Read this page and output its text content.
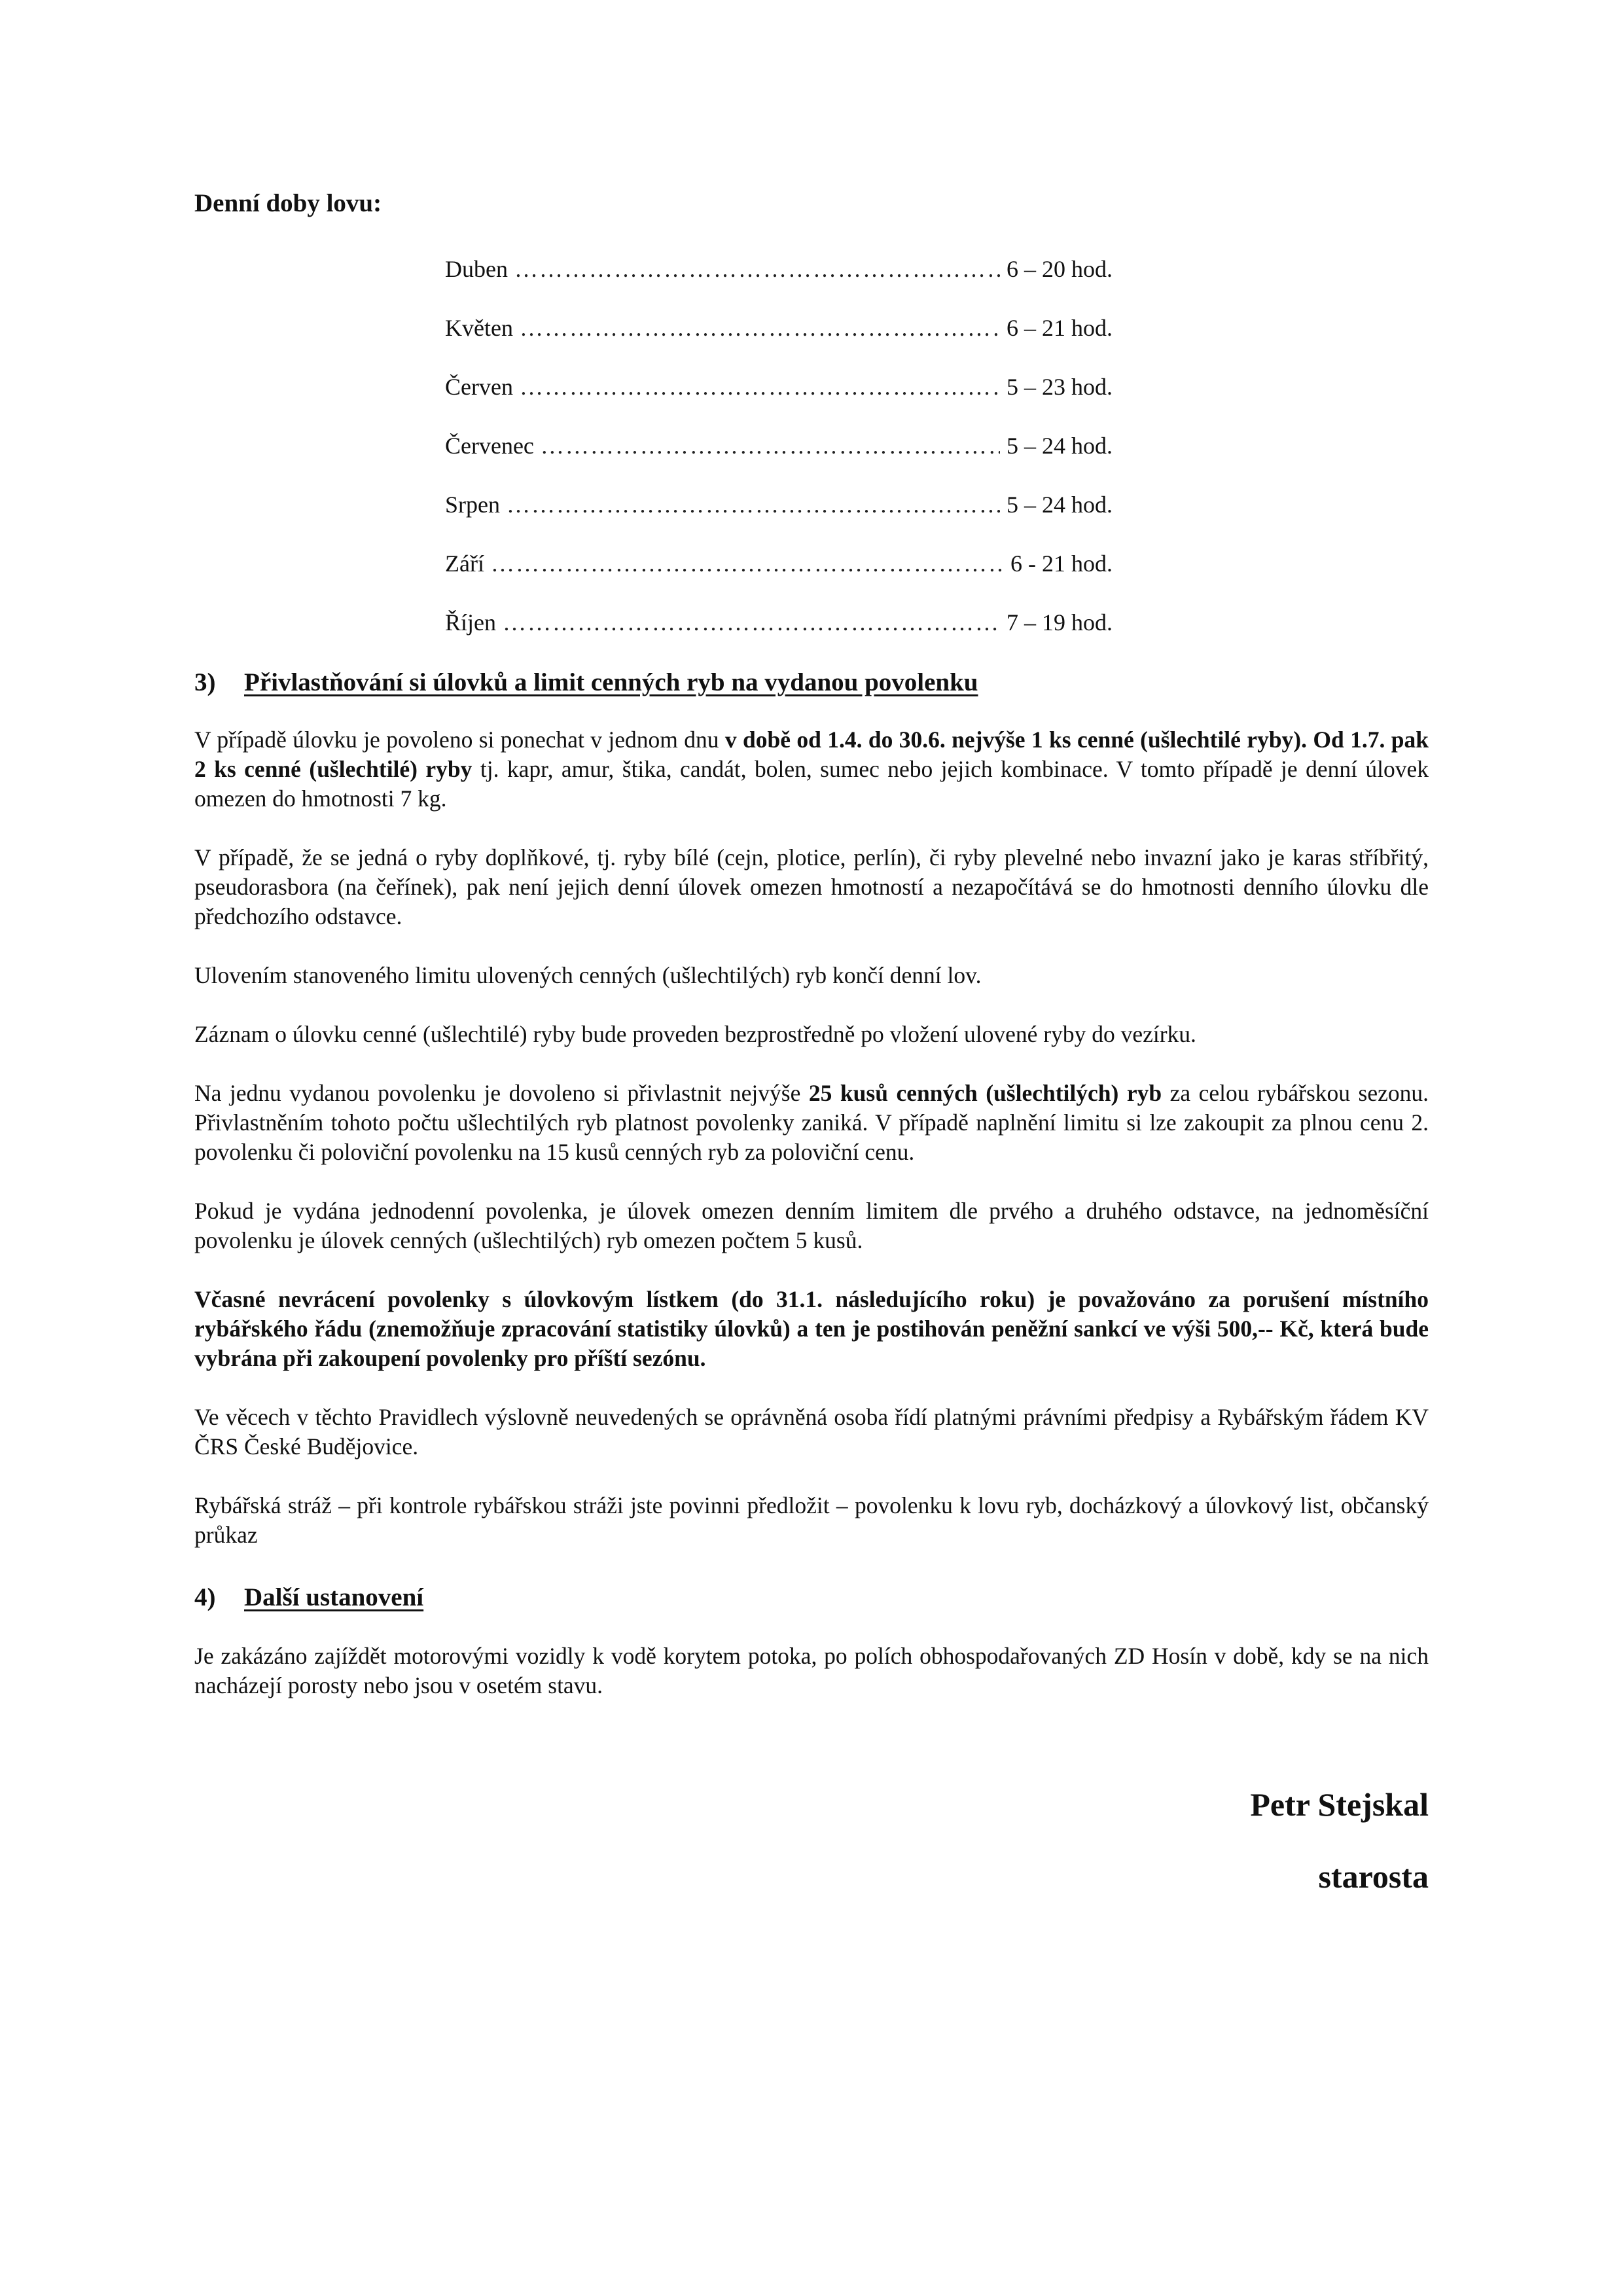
Denní doby lovu:
Duben ………………………………………………………………………………………………………	6 – 20 hod.
Květen ………………………………………………………………………………………………………	6 – 21 hod.
Červen ………………………………………………………………………………………………………	5 – 23 hod.
Červenec ………………………………………………………………………………………………………	5 – 24 hod.
Srpen ………………………………………………………………………………………………………	5 – 24 hod.
Září ………………………………………………………………………………………………………	6 - 21 hod.
Říjen ………………………………………………………………………………………………………	7 – 19 hod.
3)	Přivlastňování si úlovků a limit cenných ryb na vydanou povolenku

V případě úlovku je povoleno si ponechat v jednom dnu v době od 1.4. do 30.6. nejvýše 1 ks cenné (ušlechtilé ryby). Od 1.7. pak 2 ks cenné (ušlechtilé) ryby tj. kapr, amur, štika, candát, bolen, sumec nebo jejich kombinace. V tomto případě je denní úlovek omezen do hmotnosti 7 kg.

V případě, že se jedná o ryby doplňkové, tj. ryby bílé (cejn, plotice, perlín), či ryby plevelné nebo invazní jako je karas stříbřitý, pseudorasbora (na čeřínek), pak není jejich denní úlovek omezen hmotností a nezapočítává se do hmotnosti denního úlovku dle předchozího odstavce.

Ulovením stanoveného limitu ulovených cenných (ušlechtilých) ryb končí denní lov.

Záznam o úlovku cenné (ušlechtilé) ryby bude proveden bezprostředně po vložení ulovené ryby do vezírku.

Na jednu vydanou povolenku je dovoleno si přivlastnit nejvýše 25 kusů cenných (ušlechtilých) ryb za celou rybářskou sezonu. Přivlastněním tohoto počtu ušlechtilých ryb platnost povolenky zaniká. V případě naplnění limitu si lze zakoupit za plnou cenu 2. povolenku či poloviční povolenku na 15 kusů cenných ryb za poloviční cenu.

Pokud je vydána jednodenní povolenka, je úlovek omezen denním limitem dle prvého a druhého odstavce, na jednoměsíční povolenku je úlovek cenných (ušlechtilých) ryb omezen počtem 5 kusů.

Včasné nevrácení povolenky s úlovkovým lístkem (do 31.1. následujícího roku) je považováno za porušení místního rybářského řádu (znemožňuje zpracování statistiky úlovků) a ten je postihován peněžní sankcí ve výši 500,-- Kč, která bude vybrána při zakoupení povolenky pro příští sezónu.

Ve věcech v těchto Pravidlech výslovně neuvedených se oprávněná osoba řídí platnými právními předpisy a Rybářským řádem KV ČRS České Budějovice.

Rybářská stráž – při kontrole rybářskou stráži jste povinni předložit – povolenku k lovu ryb, docházkový a úlovkový list, občanský průkaz

4)	Další ustanovení

Je zakázáno zajíždět motorovými vozidly k vodě korytem potoka, po polích obhospodařovaných ZD Hosín v době, kdy se na nich nacházejí porosty nebo jsou v osetém stavu.

Petr Stejskal
starosta
